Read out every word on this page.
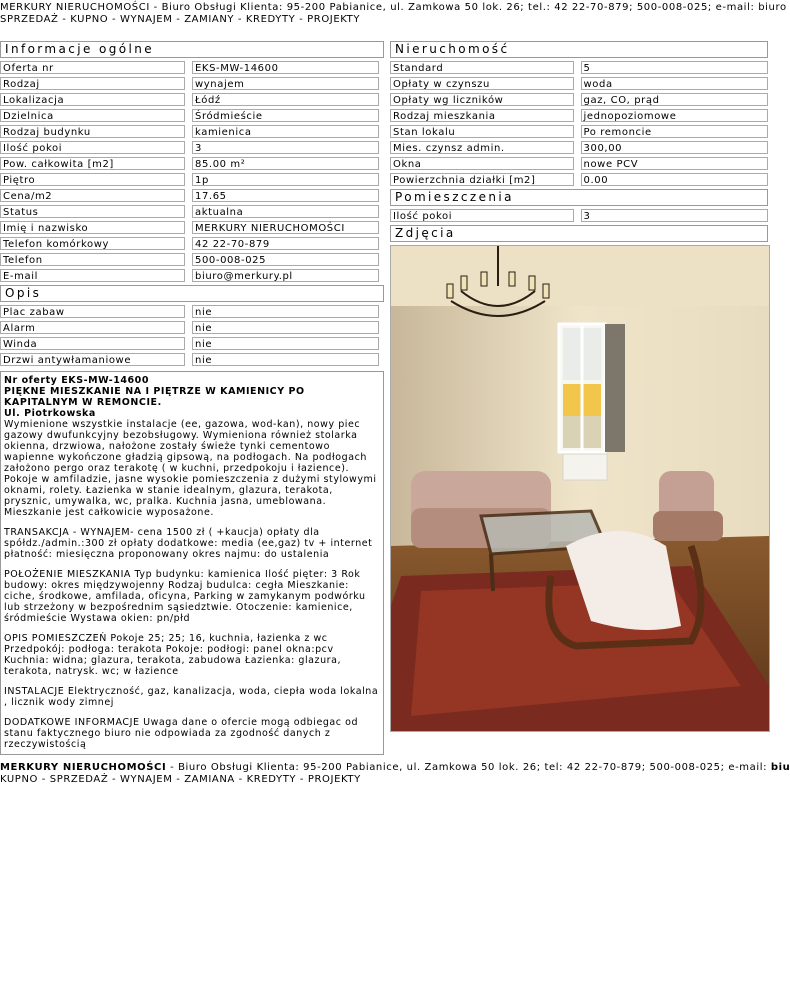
MERKURY NIERUCHOMOŚCI - Biuro Obsługi Klienta: 95-200 Pabianice, ul. Zamkowa 50 lok. 26; tel.: 42 22-70-879; 500-008-025; e-mail: biuro
SPRZEDAŻ - KUPNO - WYNAJEM - ZAMIANY - KREDYTY - PROJEKTY
Informacje ogólne
Oferta nr	EKS-MW-14600
Rodzaj	wynajem
Lokalizacja	Łódź
Dzielnica	Śródmieście
Rodzaj budynku	kamienica
Ilość pokoi	3
Pow. całkowita [m2]	85.00 m²
Piętro	1p
Cena/m2	17.65
Status	aktualna
Imię i nazwisko	MERKURY NIERUCHOMOŚCI
Telefon komórkowy	42 22-70-879
Telefon	500-008-025
E-mail	biuro@merkury.pl
Opis
Plac zabaw	nie
Alarm	nie
Winda	nie
Drzwi antywłamaniowe	nie

Nr oferty EKS-MW-14600
PIĘKNE MIESZKANIE NA I PIĘTRZE W KAMIENICY PO KAPITALNYM W REMONCIE.
Ul. Piotrkowska
Wymienione wszystkie instalacje (ee, gazowa, wod-kan), nowy piec gazowy dwufunkcyjny bezobsługowy. Wymieniona również stolarka okienna, drzwiowa, nałożone zostały świeże tynki cementowo wapienne wykończone gładzią gipsową, na podłogach. Na podłogach założono pergo oraz terakotę ( w kuchni, przedpokoju i łazience). Pokoje w amfiladzie, jasne wysokie pomieszczenia z dużymi stylowymi oknami, rolety. Łazienka w stanie idealnym, glazura, terakota, prysznic, umywalka, wc, pralka. Kuchnia jasna, umeblowana. Mieszkanie jest całkowicie wyposażone.

TRANSAKCJA - WYNAJEM- cena 1500 zł ( +kaucja) opłaty dla spółdz./admin.:300 zł opłaty dodatkowe: media (ee,gaz) tv + internet płatność: miesięczna proponowany okres najmu: do ustalenia

POŁOŻENIE MIESZKANIA Typ budynku: kamienica Ilość pięter: 3 Rok budowy: okres międzywojenny Rodzaj budulca: cegła Mieszkanie: ciche, środkowe, amfilada, oficyna, Parking w zamykanym podwórku lub strzeżony w bezpośrednim sąsiedztwie. Otoczenie: kamienice, śródmieście Wystawa okien: pn/płd

OPIS POMIESZCZEŃ Pokoje 25; 25; 16, kuchnia, łazienka z wc Przedpokój: podłoga: terakota Pokoje: podłogi: panel okna:pcv Kuchnia: widna; glazura, terakota, zabudowa Łazienka: glazura, terakota, natrysk. wc; w łazience

INSTALACJE Elektryczność, gaz, kanalizacja, woda, ciepła woda lokalna , licznik wody zimnej

DODATKOWE INFORMACJE Uwaga dane o ofercie mogą odbiegac od stanu faktycznego biuro nie odpowiada za zgodność danych z rzeczywistością

Nieruchomość
Standard	5
Opłaty w czynszu	woda
Opłaty wg liczników	gaz, CO, prąd
Rodzaj mieszkania	jednopoziomowe
Stan lokalu	Po remoncie
Mies. czynsz admin.	300,00
Okna	nowe PCV
Powierzchnia działki [m2]	0.00
Pomieszczenia
Ilość pokoi	3
Zdjęcia
MERKURY NIERUCHOMOŚCI - Biuro Obsługi Klienta: 95-200 Pabianice, ul. Zamkowa 50 lok. 26; tel: 42 22-70-879; 500-008-025; e-mail: biu
KUPNO - SPRZEDAŻ - WYNAJEM - ZAMIANA - KREDYTY - PROJEKTY
